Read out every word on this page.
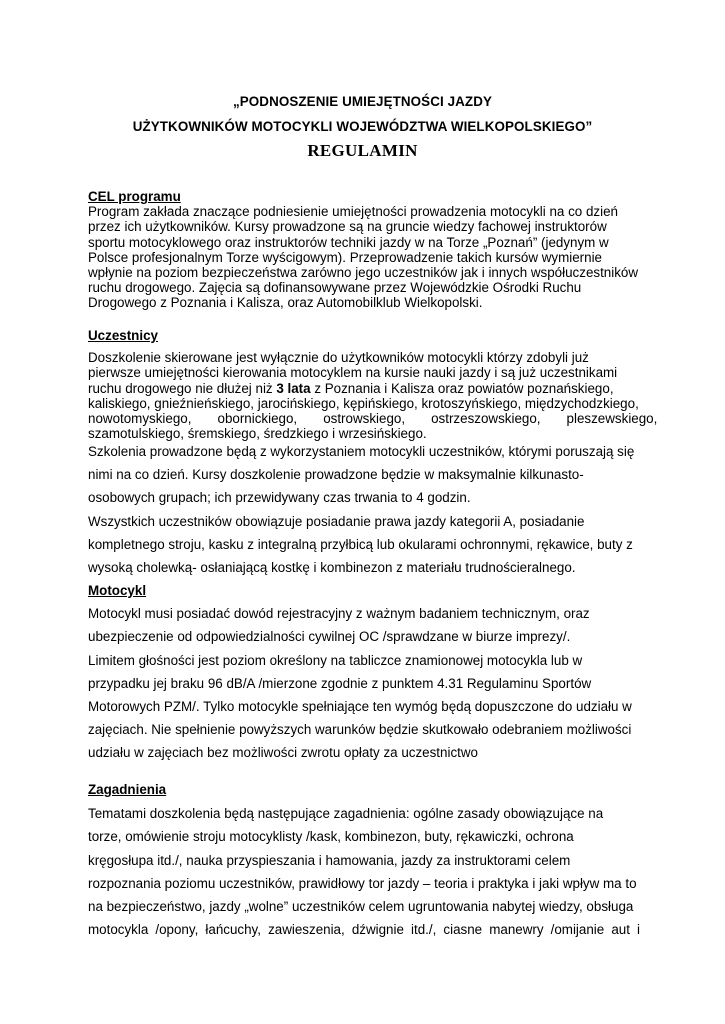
„PODNOSZENIE UMIEJĘTNOŚCI JAZDY
UŻYTKOWNIKÓW MOTOCYKLI WOJEWÓDZTWA WIELKOPOLSKIEGO”
REGULAMIN

CEL programu

Program zakłada znaczące podniesienie umiejętności prowadzenia motocykli na co dzień

przez ich użytkowników. Kursy prowadzone są na gruncie wiedzy fachowej instruktorów

sportu motocyklowego oraz instruktorów techniki jazdy w na Torze „Poznań” (jedynym w

Polsce profesjonalnym Torze wyścigowym). Przeprowadzenie takich kursów wymiernie

wpłynie na poziom bezpieczeństwa zarówno jego uczestników jak i innych współuczestników

ruchu drogowego. Zajęcia są dofinansowywane przez Wojewódzkie Ośrodki Ruchu

Drogowego z Poznania i Kalisza, oraz Automobilklub Wielkopolski.

Uczestnicy

Doszkolenie skierowane jest wyłącznie do użytkowników motocykli którzy zdobyli już

pierwsze umiejętności kierowania motocyklem na kursie nauki jazdy i są już uczestnikami

ruchu drogowego nie dłużej niż 3 lata z Poznania i Kalisza oraz powiatów poznańskiego,

kaliskiego, gnieźnieńskiego, jarocińskiego, kępińskiego, krotoszyńskiego, międzychodzkiego,

nowotomyskiego,       obornickiego,       ostrowskiego,       ostrzeszowskiego,       pleszewskiego,

szamotulskiego, śremskiego, średzkiego i wrzesińskiego.

Szkolenia prowadzone będą z wykorzystaniem motocykli uczestników, którymi poruszają się

nimi na co dzień. Kursy doszkolenie prowadzone będzie w maksymalnie kilkunasto-

osobowych grupach; ich przewidywany czas trwania to 4 godzin.

Wszystkich uczestników obowiązuje posiadanie prawa jazdy kategorii A, posiadanie

kompletnego stroju, kasku z integralną przyłbicą lub okularami ochronnymi, rękawice, buty z

wysoką cholewką- osłaniającą kostkę i kombinezon z materiału trudnościeralnego.

Motocykl

Motocykl musi posiadać dowód rejestracyjny z ważnym badaniem technicznym, oraz

ubezpieczenie od odpowiedzialności cywilnej OC /sprawdzane w biurze imprezy/.

Limitem głośności jest poziom określony na tabliczce znamionowej motocykla lub w

przypadku jej braku 96 dB/A /mierzone zgodnie z punktem 4.31 Regulaminu Sportów

Motorowych PZM/. Tylko motocykle spełniające ten wymóg będą dopuszczone do udziału w

zajęciach. Nie spełnienie powyższych warunków będzie skutkowało odebraniem możliwości

udziału w zajęciach bez możliwości zwrotu opłaty za uczestnictwo

Zagadnienia

Tematami doszkolenia będą następujące zagadnienia: ogólne zasady obowiązujące na

torze, omówienie stroju motocyklisty /kask, kombinezon, buty, rękawiczki, ochrona

kręgosłupa itd./, nauka przyspieszania i hamowania, jazdy za instruktorami celem

rozpoznania poziomu uczestników, prawidłowy tor jazdy – teoria i praktyka i jaki wpływ ma to

na bezpieczeństwo, jazdy „wolne” uczestników celem ugruntowania nabytej wiedzy, obsługa

motocykla /opony, łańcuchy, zawieszenia, dźwignie itd./, ciasne manewry /omijanie aut i
